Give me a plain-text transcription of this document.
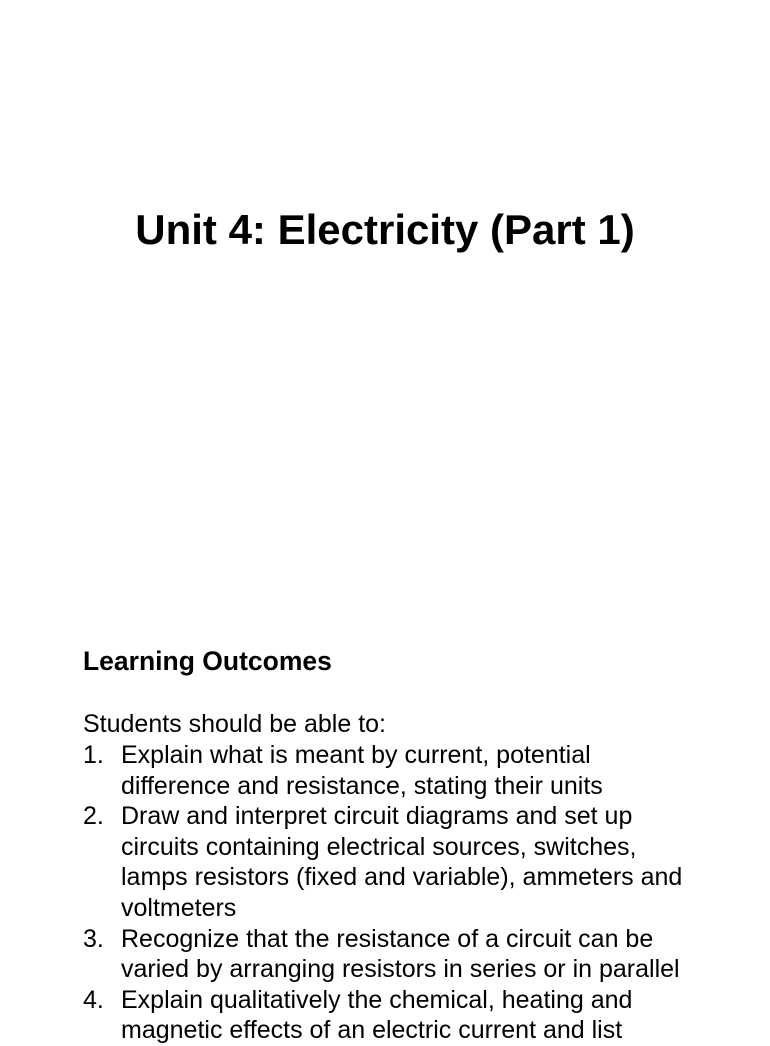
Unit 4: Electricity (Part 1)
Learning Outcomes

Students should be able to:

1. Explain what is meant by current, potential
difference and resistance, stating their units
2. Draw and interpret circuit diagrams and set up
circuits containing electrical sources, switches,
lamps resistors (fixed and variable), ammeters and
voltmeters
3. Recognize that the resistance of a circuit can be
varied by arranging resistors in series or in parallel
4. Explain qualitatively the chemical, heating and
magnetic effects of an electric current and list
